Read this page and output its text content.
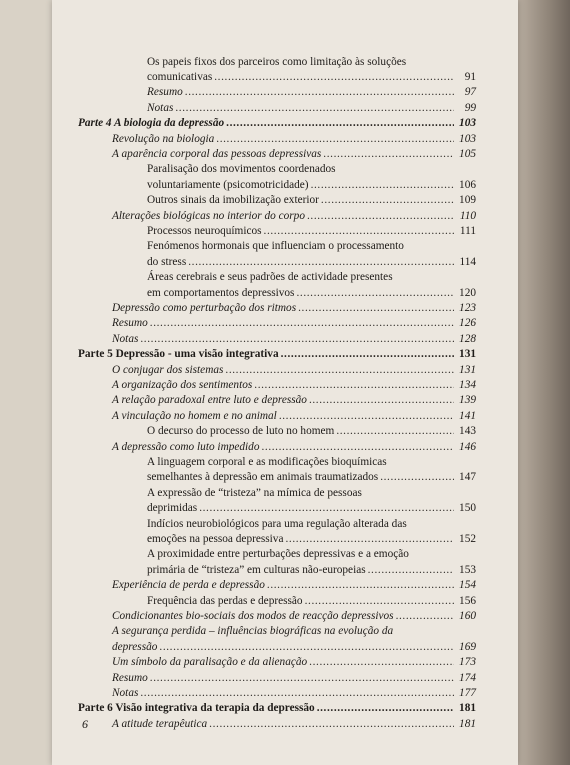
Os papeis fixos dos parceiros como limitação às soluções
comunicativas .....	91
Resumo .....	97
Notas .....	99
Parte 4 A biologia da depressão .....	103
Revolução na biologia .....	103
A aparência corporal das pessoas depressivas .....	105
Paralisação dos movimentos coordenados
voluntariamente (psicomotricidade) .....	106
Outros sinais da imobilização exterior .....	109
Alterações biológicas no interior do corpo .....	110
Processos neuroquímicos .....	111
Fenómenos hormonais que influenciam o processamento
do stress .....	114
Áreas cerebrais e seus padrões de actividade presentes
em comportamentos depressivos .....	120
Depressão como perturbação dos ritmos .....	123
Resumo .....	126
Notas .....	128
Parte 5 Depressão - uma visão integrativa .....	131
O conjugar dos sistemas .....	131
A organização dos sentimentos .....	134
A relação paradoxal entre luto e depressão .....	139
A vinculação no homem e no animal .....	141
O decurso do processo de luto no homem .....	143
A depressão como luto impedido .....	146
A linguagem corporal e as modificações bioquímicas
semelhantes à depressão em animais traumatizados .....	147
A expressão de “tristeza” na mímica de pessoas
deprimidas .....	150
Indícios neurobiológicos para uma regulação alterada das
emoções na pessoa depressiva .....	152
A proximidade entre perturbações depressivas e a emoção
primária de “tristeza” em culturas não-europeias .....	153
Experiência de perda e depressão .....	154
Frequência das perdas e depressão .....	156
Condicionantes bio-sociais dos modos de reacção depressivos .....	160
A segurança perdida – influências biográficas na evolução da
depressão .....	169
Um símbolo da paralisação e da alienação .....	173
Resumo .....	174
Notas .....	177
Parte 6 Visão integrativa da terapia da depressão .....	181
A atitude terapêutica .....	181
6
